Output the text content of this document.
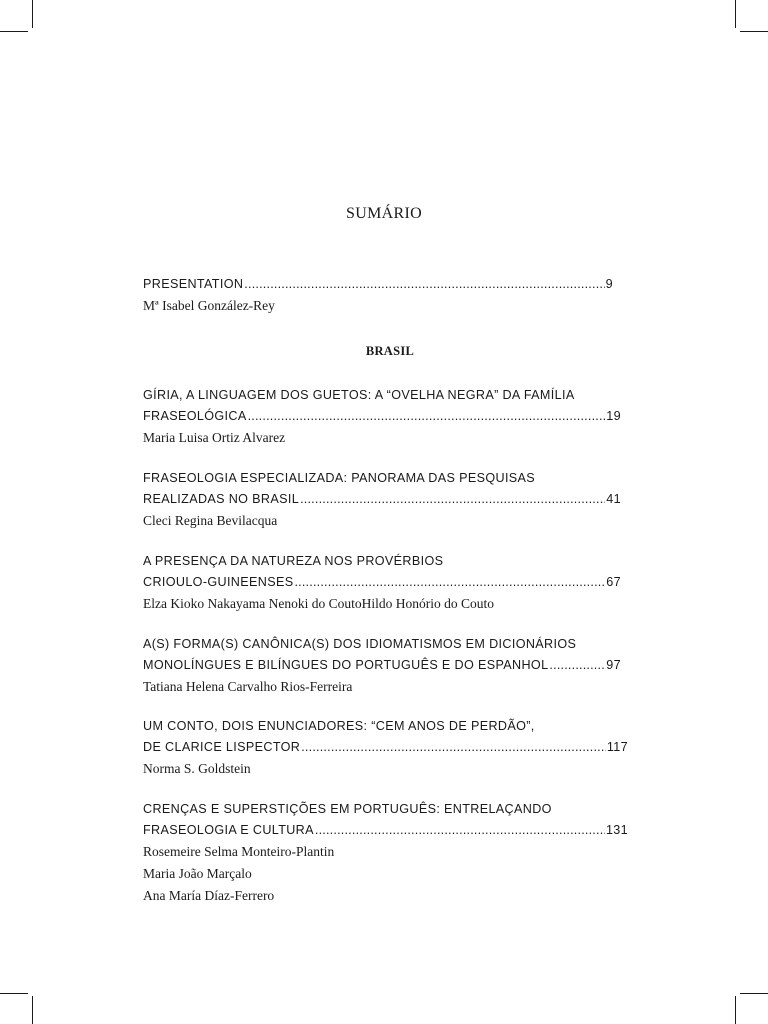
SUMÁRIO
PRESENTATION .....	9
Mª Isabel González-Rey
BRASIL
GÍRIA, A LINGUAGEM DOS GUETOS: A “OVELHA NEGRA” DA FAMÍLIA
FRASEOLÓGICA .....	19
Maria Luisa Ortiz Alvarez
FRASEOLOGIA ESPECIALIZADA: PANORAMA DAS PESQUISAS
REALIZADAS NO BRASIL .....	41
Cleci Regina Bevilacqua
A PRESENÇA DA NATUREZA NOS PROVÉRBIOS
CRIOULO-GUINEENSES .....	67
Elza Kioko Nakayama Nenoki do CoutoHildo Honório do Couto
A(S) FORMA(S) CANÔNICA(S) DOS IDIOMATISMOS EM DICIONÁRIOS
MONOLÍNGUES E BILÍNGUES DO PORTUGUÊS E DO ESPANHOL .....	97
Tatiana Helena Carvalho Rios-Ferreira
UM CONTO, DOIS ENUNCIADORES: “CEM ANOS DE PERDÃO”,
DE CLARICE LISPECTOR .....	117
Norma S. Goldstein
CRENÇAS E SUPERSTIÇÕES EM PORTUGUÊS: ENTRELAÇANDO
FRASEOLOGIA E CULTURA .....	131
Rosemeire Selma Monteiro-Plantin
Maria João Marçalo
Ana María Díaz-Ferrero
